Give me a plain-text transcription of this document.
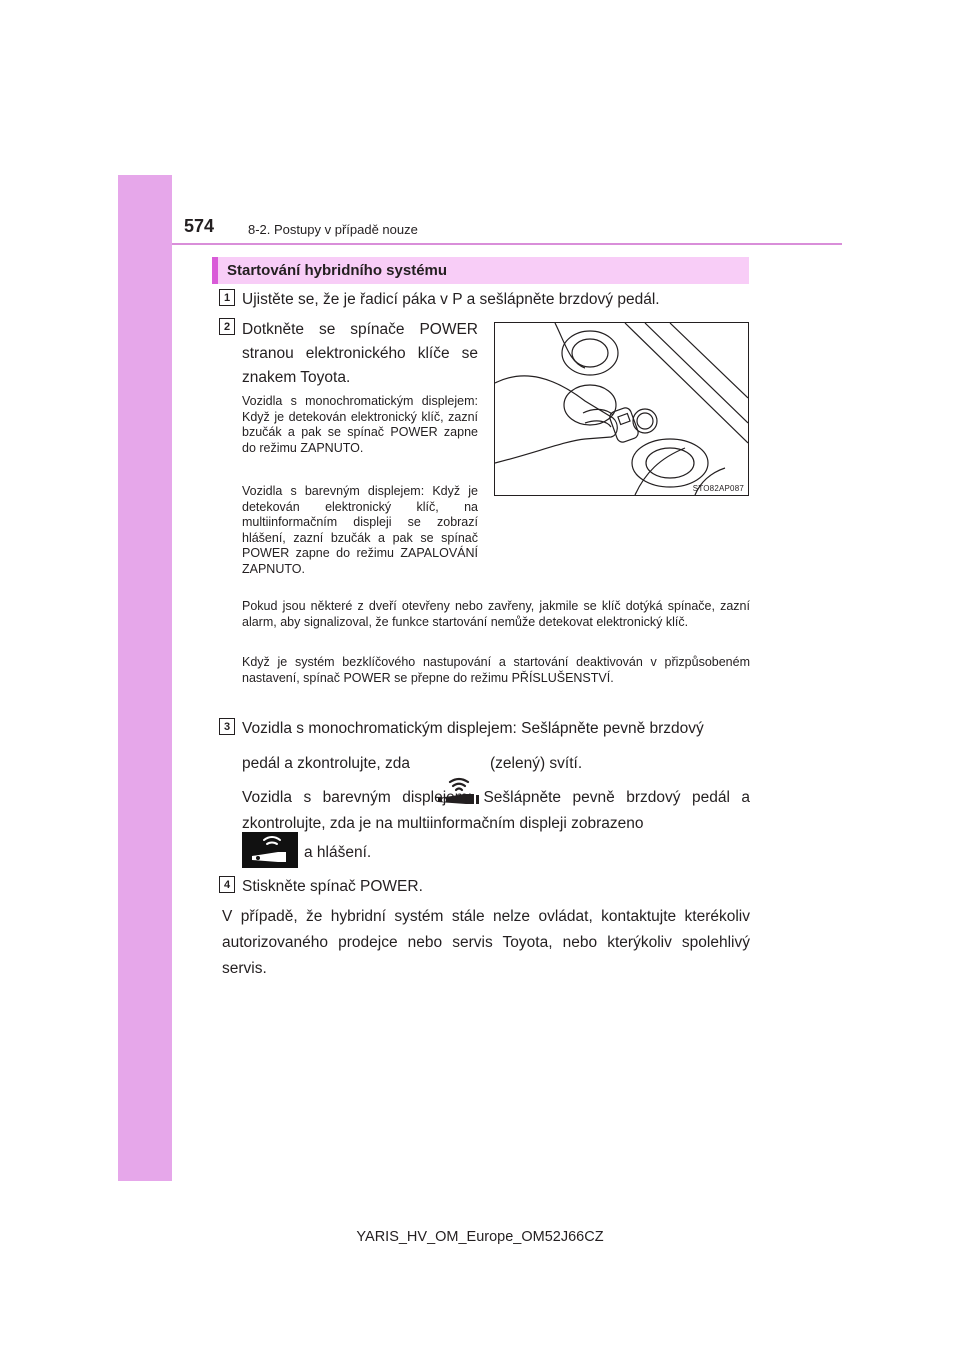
574	8-2. Postupy v případě nouze
Startování hybridního systému
1 Ujistěte se, že je řadicí páka v P a sešlápněte brzdový pedál.
2 Dotkněte se spínače POWER stranou elektronického klíče se znakem Toyota.
Vozidla s monochromatickým displejem: Když je detekován elektronický klíč, zazní bzučák a pak se spínač POWER zapne do režimu ZAPNUTO.
Vozidla s barevným displejem: Když je detekován elektronický klíč, na multiinformačním displeji se zobrazí hlášení, zazní bzučák a pak se spínač POWER zapne do režimu ZAPALOVÁNÍ ZAPNUTO.
STO82AP087
Pokud jsou některé z dveří otevřeny nebo zavřeny, jakmile se klíč dotýká spínače, zazní alarm, aby signalizoval, že funkce startování nemůže detekovat elektronický klíč.
Když je systém bezklíčového nastupování a startování deaktivován v přizpůsobeném nastavení, spínač POWER se přepne do režimu PŘÍSLUŠENSTVÍ.
3 Vozidla s monochromatickým displejem: Sešlápněte pevně brzdový
pedál a zkontrolujte, zda	(zelený) svítí.
Vozidla s barevným displejem: Sešlápněte pevně brzdový pedál a zkontrolujte, zda je na multiinformačním displeji zobrazeno
a hlášení.
4 Stiskněte spínač POWER.
V případě, že hybridní systém stále nelze ovládat, kontaktujte kterékoliv autorizovaného prodejce nebo servis Toyota, nebo kterýkoliv spolehlivý servis.
YARIS_HV_OM_Europe_OM52J66CZ
